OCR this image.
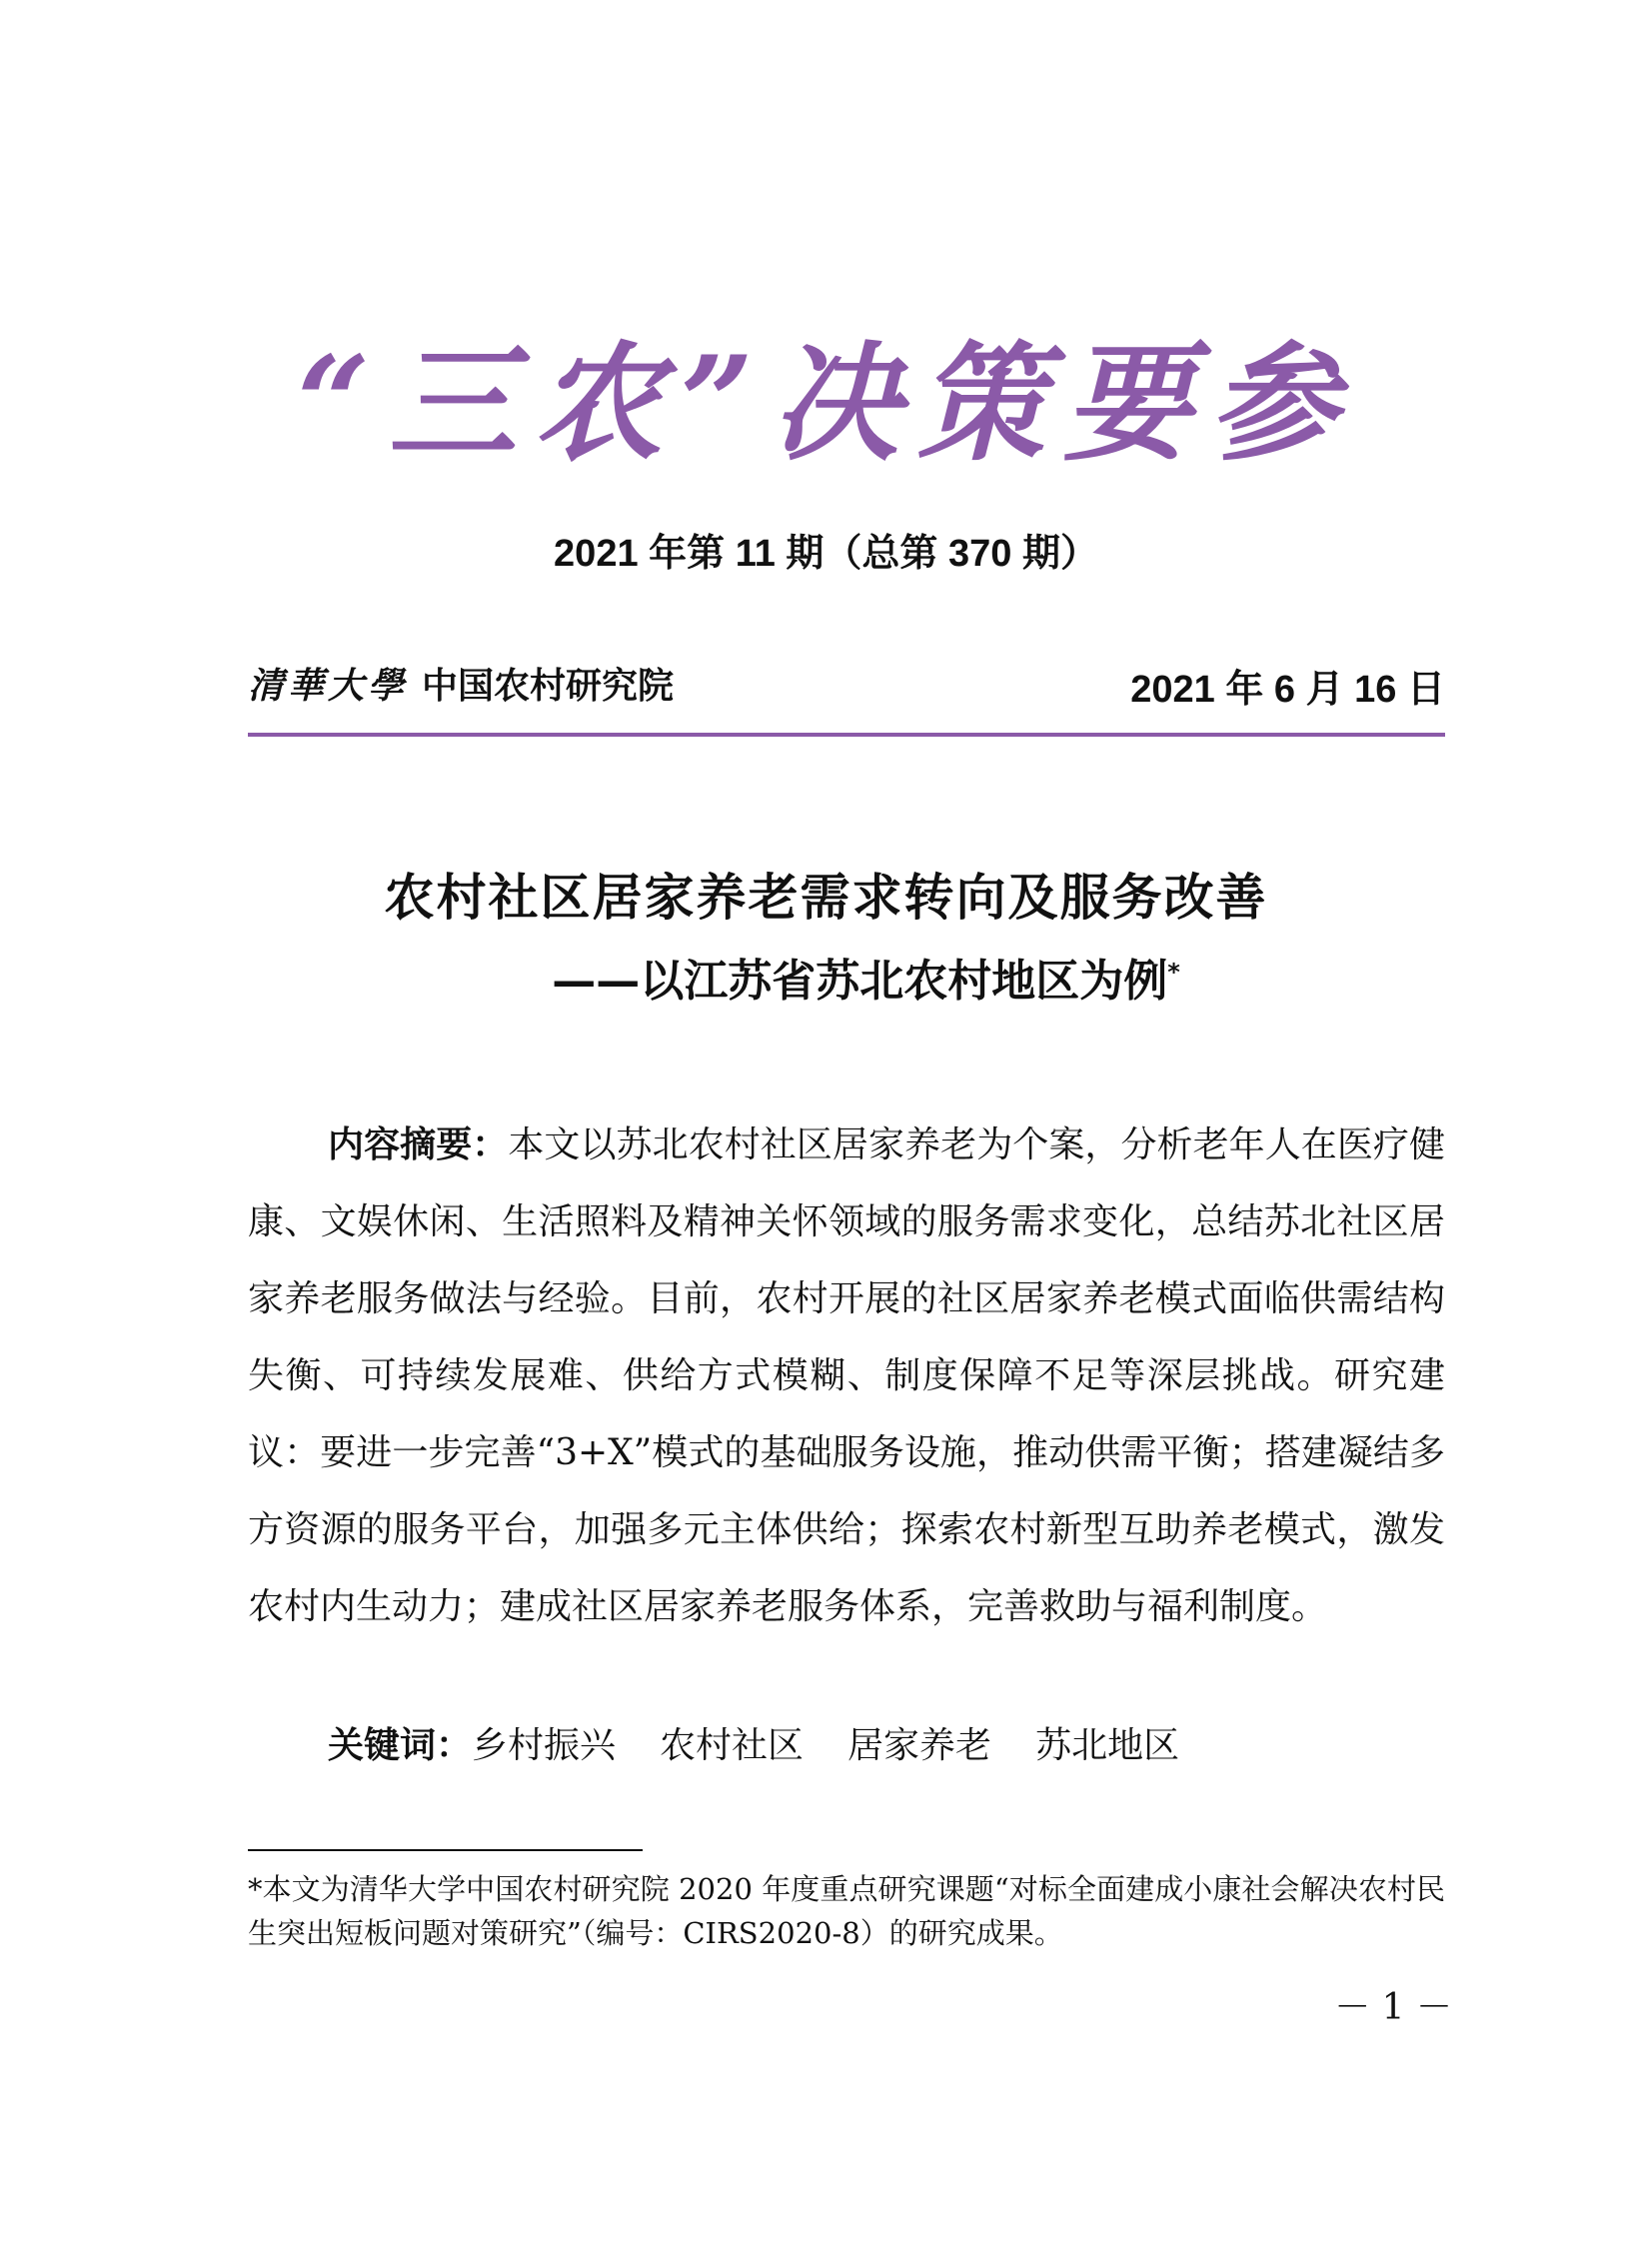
“三农”决策要参
2021 年第 11 期（总第 370 期）
清華大學 中国农村研究院	2021 年 6 月 16 日
农村社区居家养老需求转向及服务改善
——以江苏省苏北农村地区为例*
内容摘要：本文以苏北农村社区居家养老为个案，分析老年人在医疗健康、文娱休闲、生活照料及精神关怀领域的服务需求变化，总结苏北社区居家养老服务做法与经验。目前，农村开展的社区居家养老模式面临供需结构失衡、可持续发展难、供给方式模糊、制度保障不足等深层挑战。研究建议：要进一步完善“3+X”模式的基础服务设施，推动供需平衡；搭建凝结多方资源的服务平台，加强多元主体供给；探索农村新型互助养老模式，激发农村内生动力；建成社区居家养老服务体系，完善救助与福利制度。
关键词：乡村振兴 农村社区 居家养老 苏北地区
*本文为清华大学中国农村研究院 2020 年度重点研究课题“对标全面建成小康社会解决农村民生突出短板问题对策研究”（编号：CIRS2020-8）的研究成果。
－ 1 －
